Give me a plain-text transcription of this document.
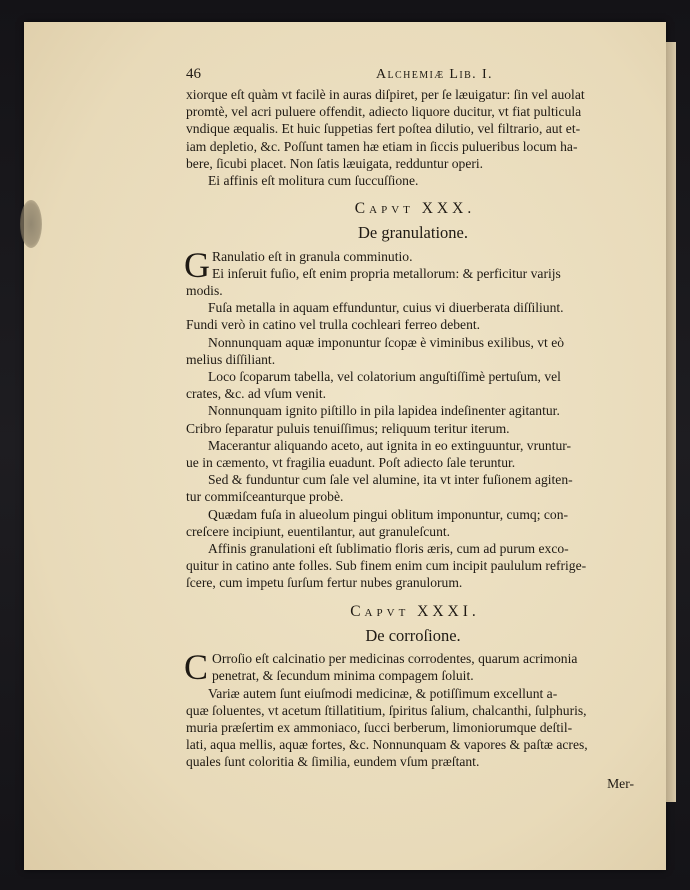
46	Alchemiæ Lib. I.
xiorque eſt quàm vt facilè in auras diſpiret, per ſe læuigatur: ſin vel auolat
promtè, vel acri puluere offendit, adiecto liquore ducitur, vt fiat pulticula
vndique æqualis. Et huic ſuppetias fert poſtea dilutio, vel filtrario, aut et-
iam depletio, &c. Poſſunt tamen hæ etiam in ſiccis pulueribus locum ha-
bere, ſicubi placet. Non ſatis læuigata, redduntur operi.
Ei affinis eſt molitura cum ſuccuſſione.
Capvt XXX.
De granulatione.
G Ranulatio eſt in granula comminutio.
Ei inſeruit fuſio, eſt enim propria metallorum: & perficitur varijs
modis.
Fuſa metalla in aquam effunduntur, cuius vi diuerberata diſſiliunt.
Fundi verò in catino vel trulla cochleari ferreo debent.
Nonnunquam aquæ imponuntur ſcopæ è viminibus exilibus, vt eò
melius diſſiliant.
Loco ſcoparum tabella, vel colatorium anguſtiſſimè pertuſum, vel
crates, &c. ad vſum venit.
Nonnunquam ignito piſtillo in pila lapidea indeſinenter agitantur.
Cribro ſeparatur puluis tenuiſſimus; reliquum teritur iterum.
Macerantur aliquando aceto, aut ignita in eo extinguuntur, vruntur-
ue in cæmento, vt fragilia euadunt. Poſt adiecto ſale teruntur.
Sed & funduntur cum ſale vel alumine, ita vt inter fuſionem agiten-
tur commiſceanturque probè.
Quædam fuſa in alueolum pingui oblitum imponuntur, cumq; con-
creſcere incipiunt, euentilantur, aut granuleſcunt.
Affinis granulationi eſt ſublimatio floris æris, cum ad purum exco-
quitur in catino ante folles. Sub finem enim cum incipit paululum refrige-
ſcere, cum impetu ſurſum fertur nubes granulorum.
Capvt XXXI.
De corroſione.
C Orroſio eſt calcinatio per medicinas corrodentes, quarum acrimonia
penetrat, & ſecundum minima compagem ſoluit.
Variæ autem ſunt eiuſmodi medicinæ, & potiſſimum excellunt a-
quæ ſoluentes, vt acetum ſtillatitium, ſpiritus ſalium, chalcanthi, ſulphuris,
muria præſertim ex ammoniaco, ſucci berberum, limoniorumque deſtil-
lati, aqua mellis, aquæ fortes, &c. Nonnunquam & vapores & paſtæ acres,
quales ſunt coloritia & ſimilia, eundem vſum præſtant.
Mer-
